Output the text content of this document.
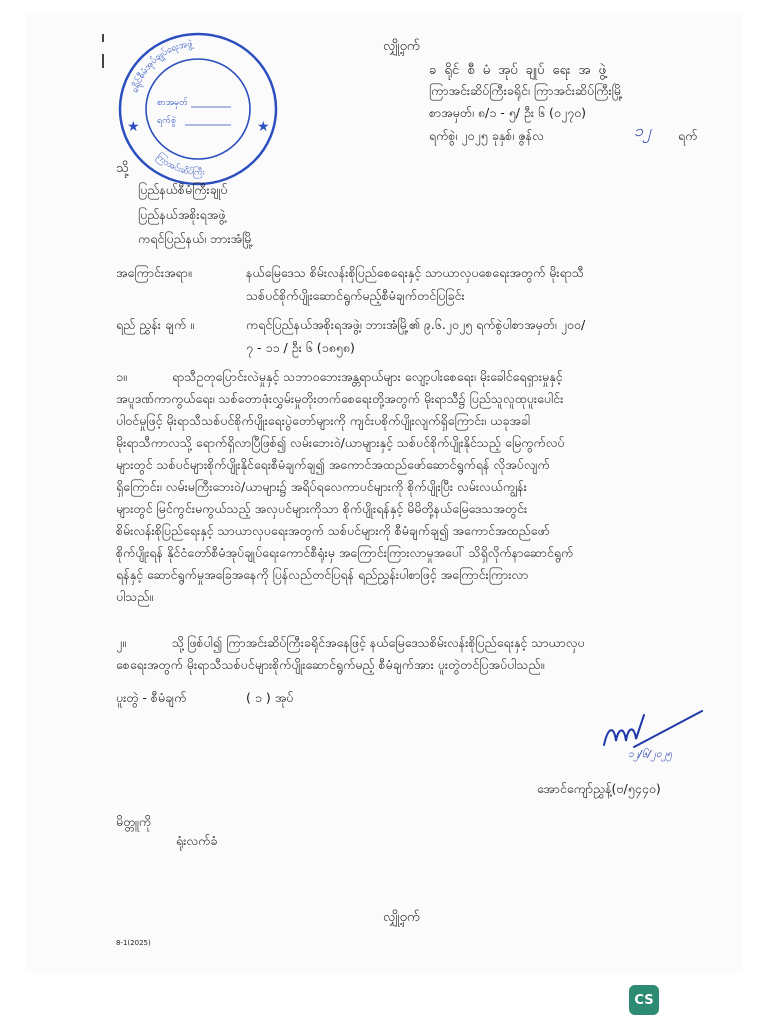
ခရိုင်စီမံအုပ်ချုပ်ရေးအဖွဲ့
ကြာအင်းဆိပ်ကြီး
စာအမှတ်
ရက်စွဲ
★	★
လျှို့ဝှက်
ခ ရိုင် စီ မံ အုပ် ချုပ် ရေး အ ဖွဲ့
ကြာအင်းဆိပ်ကြီးခရိုင်၊ ကြာအင်းဆိပ်ကြီးမြို့
စာအမှတ်၊ ၈/၁ - ၅/ ဦး ၆ (၀၂၇၀)
ရက်စွဲ၊ ၂၀၂၅ ခုနှစ်၊ ဇွန်လ	၁၂ ရက်
သို့
ပြည်နယ်စီမံကြီးချုပ်
ပြည်နယ်အစိုးရအဖွဲ့
ကရင်ပြည်နယ်၊ ဘားအံမြို့
အကြောင်းအရာ။	နယ်မြေဒေသ စိမ်းလန်းစိုပြည်စေရေးနှင့် သာယာလှပစေရေးအတွက် မိုးရာသီ
သစ်ပင်စိုက်ပျိုးဆောင်ရွက်မည့်စီမံချက်တင်ပြခြင်း
ရည် ညွှန်း ချက် ။	ကရင်ပြည်နယ်အစိုးရအဖွဲ့၊ ဘားအံမြို့၏ ၉.၆.၂၀၂၅ ရက်စွဲပါစာအမှတ်၊ ၂၀၀/
၇ - ၁၁ / ဦး ၆ (၁၈၅၈)
၁။	ရာသီဥတုပြောင်းလဲမှုနှင့် သဘာဝဘေးအန္တရာယ်များ လျော့ပါးစေရေး၊ မိုးခေါင်ရေရှားမှုနှင့်
အပူဒဏ်ကာကွယ်ရေး၊ သစ်တောဖုံးလွှမ်းမှုတိုးတက်စေရေးတို့အတွက် မိုးရာသီ၌ ပြည်သူလူထုပူးပေါင်း
ပါဝင်မှုဖြင့် မိုးရာသီသစ်ပင်စိုက်ပျိုးရေးပွဲတော်များကို ကျင်းပစိုက်ပျိုးလျက်ရှိကြောင်း၊ ယခုအခါ
မိုးရာသီကာလသို့ ရောက်ရှိလာပြီဖြစ်၍ လမ်းဘေးဝဲ/ယာများနှင့် သစ်ပင်စိုက်ပျိုးနိုင်သည့် မြေကွက်လပ်
များတွင် သစ်ပင်များစိုက်ပျိုးနိုင်ရေးစီမံချက်ချ၍ အကောင်အထည်ဖော်ဆောင်ရွက်ရန် လိုအပ်လျက်
ရှိကြောင်း၊ လမ်းမကြီးဘေးဝဲ/ယာများ၌ အရိပ်ရလေကာပင်များကို စိုက်ပျိုးပြီး လမ်းလယ်ကျွန်း
များတွင် မြင်ကွင်းမကွယ်သည့် အလှပင်များကိုသာ စိုက်ပျိုးရန်နှင့် မိမိတို့နယ်မြေဒေသအတွင်း
စိမ်းလန်းစိုပြည်ရေးနှင့် သာယာလှပရေးအတွက် သစ်ပင်များကို စီမံချက်ချ၍ အကောင်အထည်ဖော်
စိုက်ပျိုးရန် နိုင်ငံတော်စီမံအုပ်ချုပ်ရေးကောင်စီရုံးမှ အကြောင်းကြားလာမှုအပေါ် သိရှိလိုက်နာဆောင်ရွက်
ရန်နှင့် ဆောင်ရွက်မှုအခြေအနေကို ပြန်လည်တင်ပြရန် ရည်ညွှန်းပါစာဖြင့် အကြောင်းကြားလာ
ပါသည်။
၂။	သို့ဖြစ်ပါ၍ ကြာအင်းဆိပ်ကြီးခရိုင်အနေဖြင့် နယ်မြေဒေသစိမ်းလန်းစိုပြည်ရေးနှင့် သာယာလှပ
စေရေးအတွက် မိုးရာသီသစ်ပင်များစိုက်ပျိုးဆောင်ရွက်မည့် စီမံချက်အား ပူးတွဲတင်ပြအပ်ပါသည်။
ပူးတွဲ - စီမံချက်	( ၁ ) အုပ်
၁၂/၆/၂၀၂၅
အောင်ကျော်ညွှန့်(ဗ/၅၄၄၀)
မိတ္တူကို
ရုံးလက်ခံ
လျှို့ဝှက်
8-1(2025)
CS
